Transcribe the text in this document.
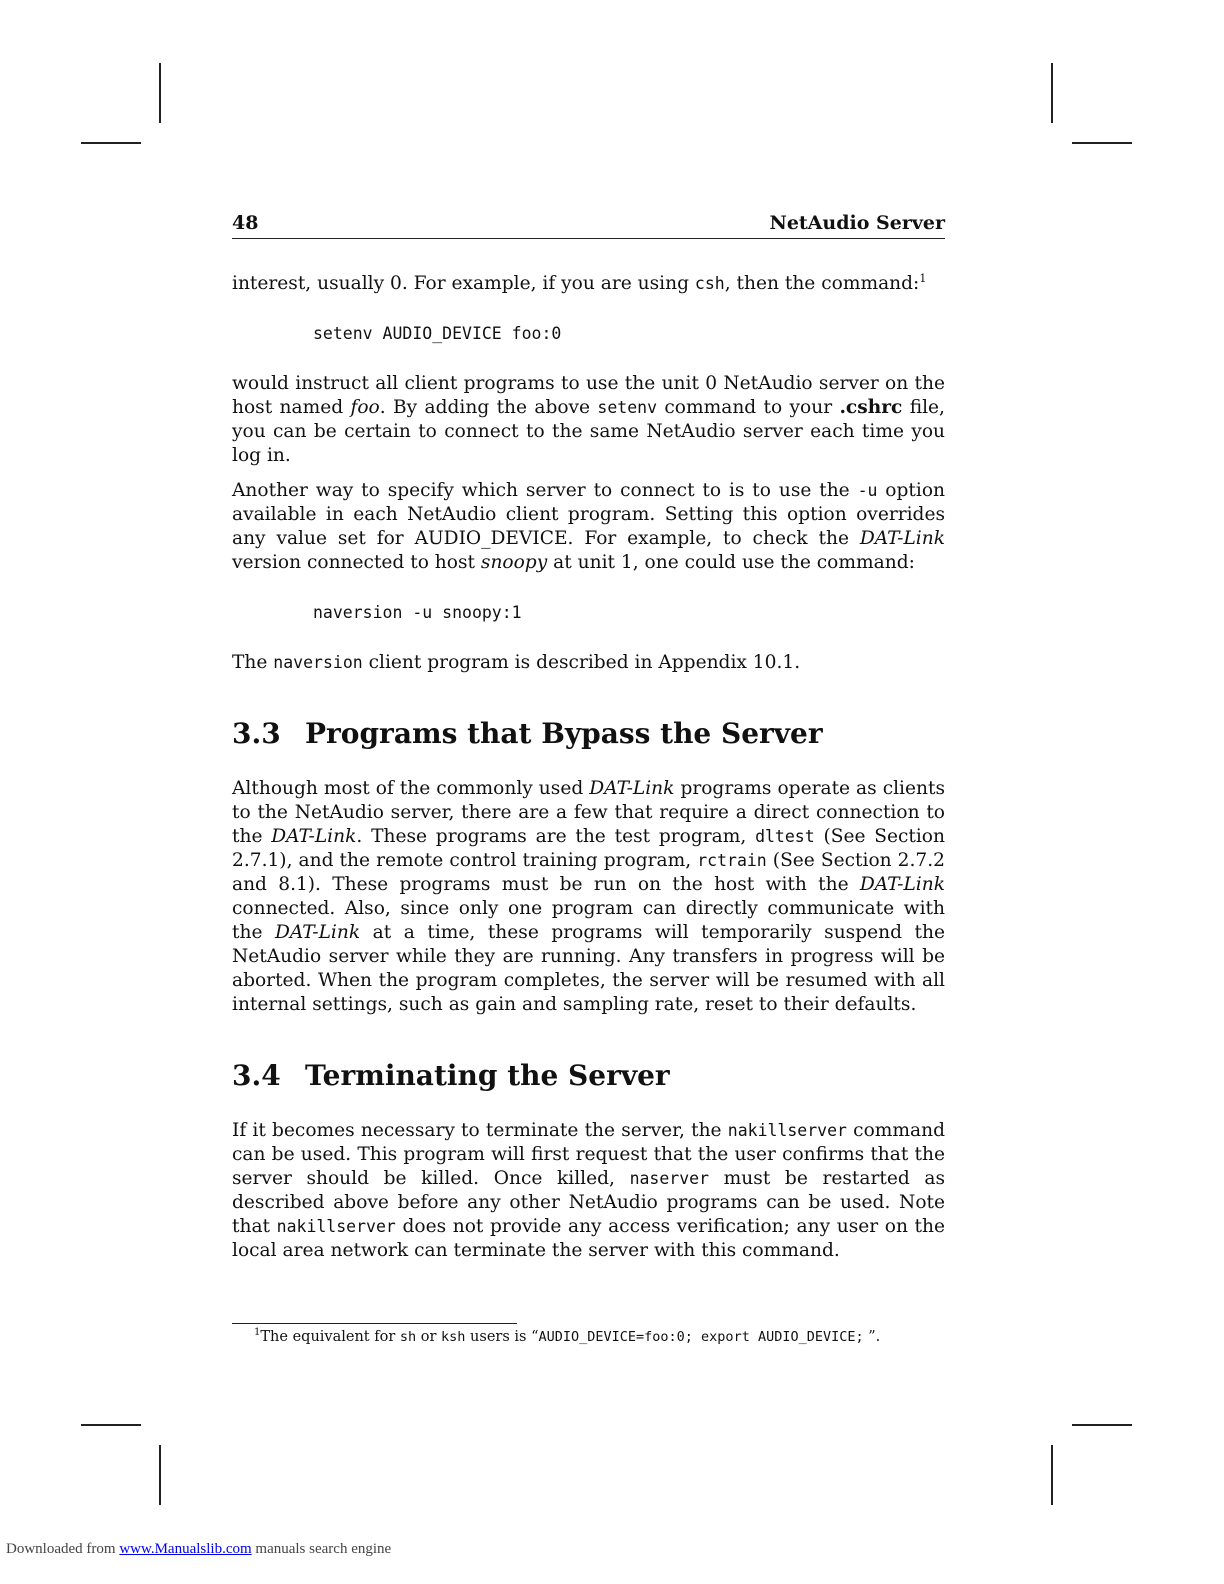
48	NetAudio Server

interest, usually 0. For example, if you are using csh, then the command:$^1$

setenv AUDIO_DEVICE foo:0

would instruct all client programs to use the unit 0 NetAudio server on the host named foo. By adding the above setenv command to your .cshrc file, you can be certain to connect to the same NetAudio server each time you log in.

Another way to specify which server to connect to is to use the -u option available in each NetAudio client program. Setting this option overrides any value set for AUDIO_DEVICE. For example, to check the DAT-Link version connected to host snoopy at unit 1, one could use the command:

naversion -u snoopy:1

The naversion client program is described in Appendix 10.1.

3.3 Programs that Bypass the Server

Although most of the commonly used DAT-Link programs operate as clients to the NetAudio server, there are a few that require a direct connection to the DAT-Link. These programs are the test program, dltest (See Section 2.7.1), and the remote control training program, rctrain (See Section 2.7.2 and 8.1). These programs must be run on the host with the DAT-Link connected. Also, since only one program can directly communicate with the DAT-Link at a time, these programs will temporarily suspend the NetAudio server while they are running. Any transfers in progress will be aborted. When the program completes, the server will be resumed with all internal settings, such as gain and sampling rate, reset to their defaults.

3.4 Terminating the Server

If it becomes necessary to terminate the server, the nakillserver command can be used. This program will first request that the user confirms that the server should be killed. Once killed, naserver must be restarted as described above before any other NetAudio programs can be used. Note that nakillserver does not provide any access verification; any user on the local area network can terminate the server with this command.

$^1$The equivalent for sh or ksh users is “AUDIO_DEVICE=foo:0; export AUDIO_DEVICE; ”.
Downloaded from www.Manualslib.com manuals search engine
